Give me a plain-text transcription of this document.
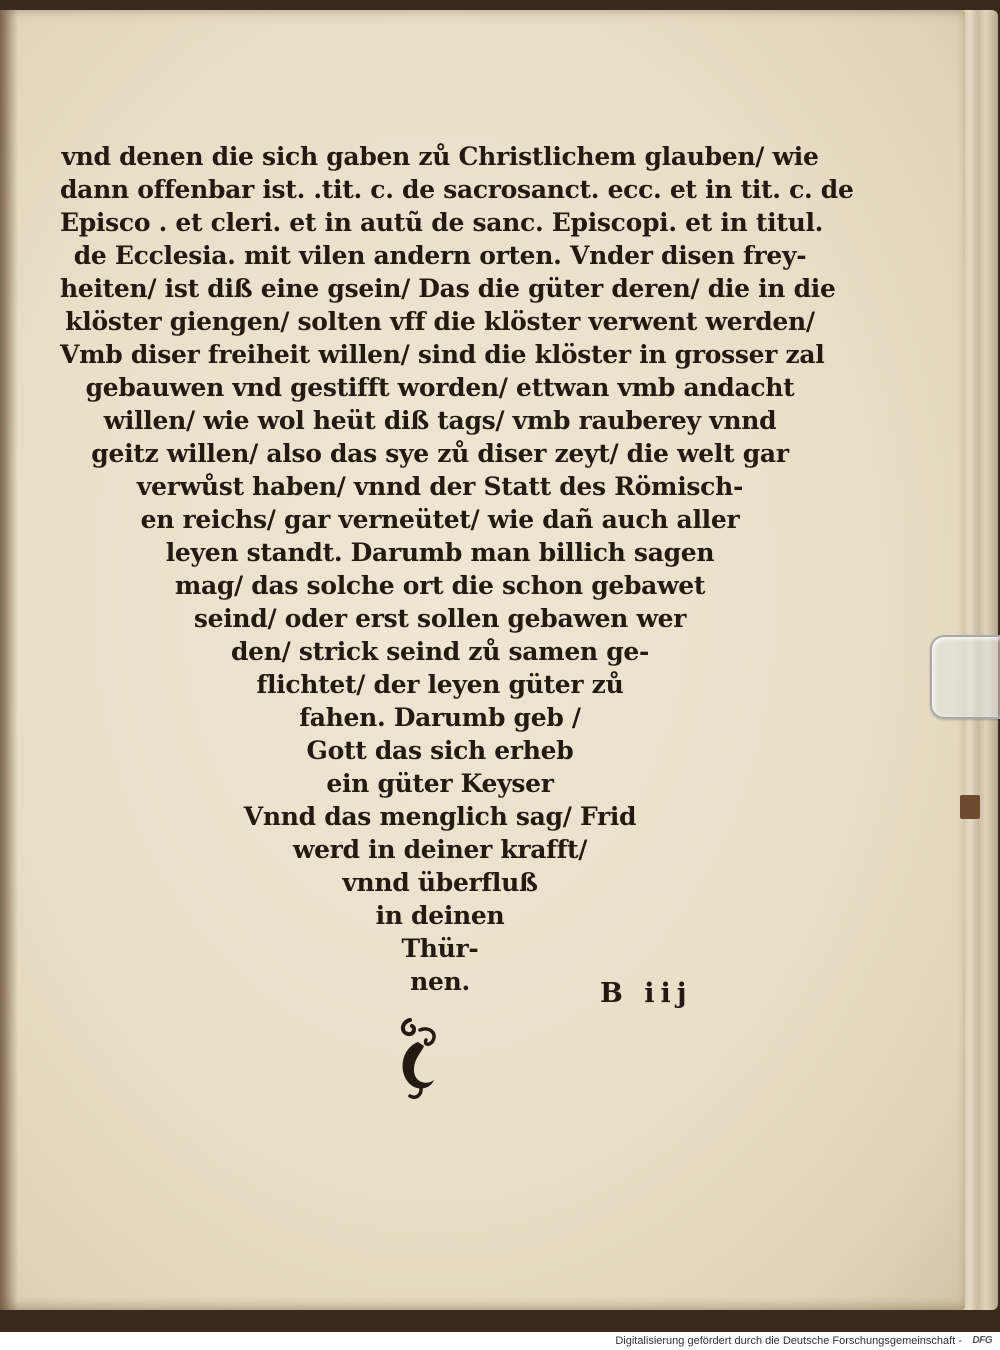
vnd denen die sich gaben zů Christlichem glauben/ wie
dann offenbar ist. .tit. c. de sacrosanct. ecc. et in tit. c. de
Episco . et cleri. et in autũ de sanc. Episcopi. et in titul.
de Ecclesia. mit vilen andern orten. Vnder disen frey-
heiten/ ist diß eine gsein/ Das die güter deren/ die in die
klöster giengen/ solten vff die klöster verwent werden/
Vmb diser freiheit willen/ sind die klöster in grosser zal
gebauwen vnd gestifft worden/ ettwan vmb andacht
willen/ wie wol heüt diß tags/ vmb rauberey vnnd
geitz willen/ also das sye zů diser zeyt/ die welt gar
verwůst haben/ vnnd der Statt des Römisch-
en reichs/ gar verneütet/ wie dañ auch aller
leyen standt. Darumb man billich sagen
mag/ das solche ort die schon gebawet
seind/ oder erst sollen gebawen wer
den/ strick seind zů samen ge-
flichtet/ der leyen güter zů
fahen. Darumb geb /
Gott das sich erheb
ein güter Keyser
Vnnd das menglich sag/ Frid
werd in deiner krafft/
vnnd überfluß
in deinen
Thür-
nen.	B iij
Digitalisierung gefördert durch die Deutsche Forschungsgemeinschaft - DFG
